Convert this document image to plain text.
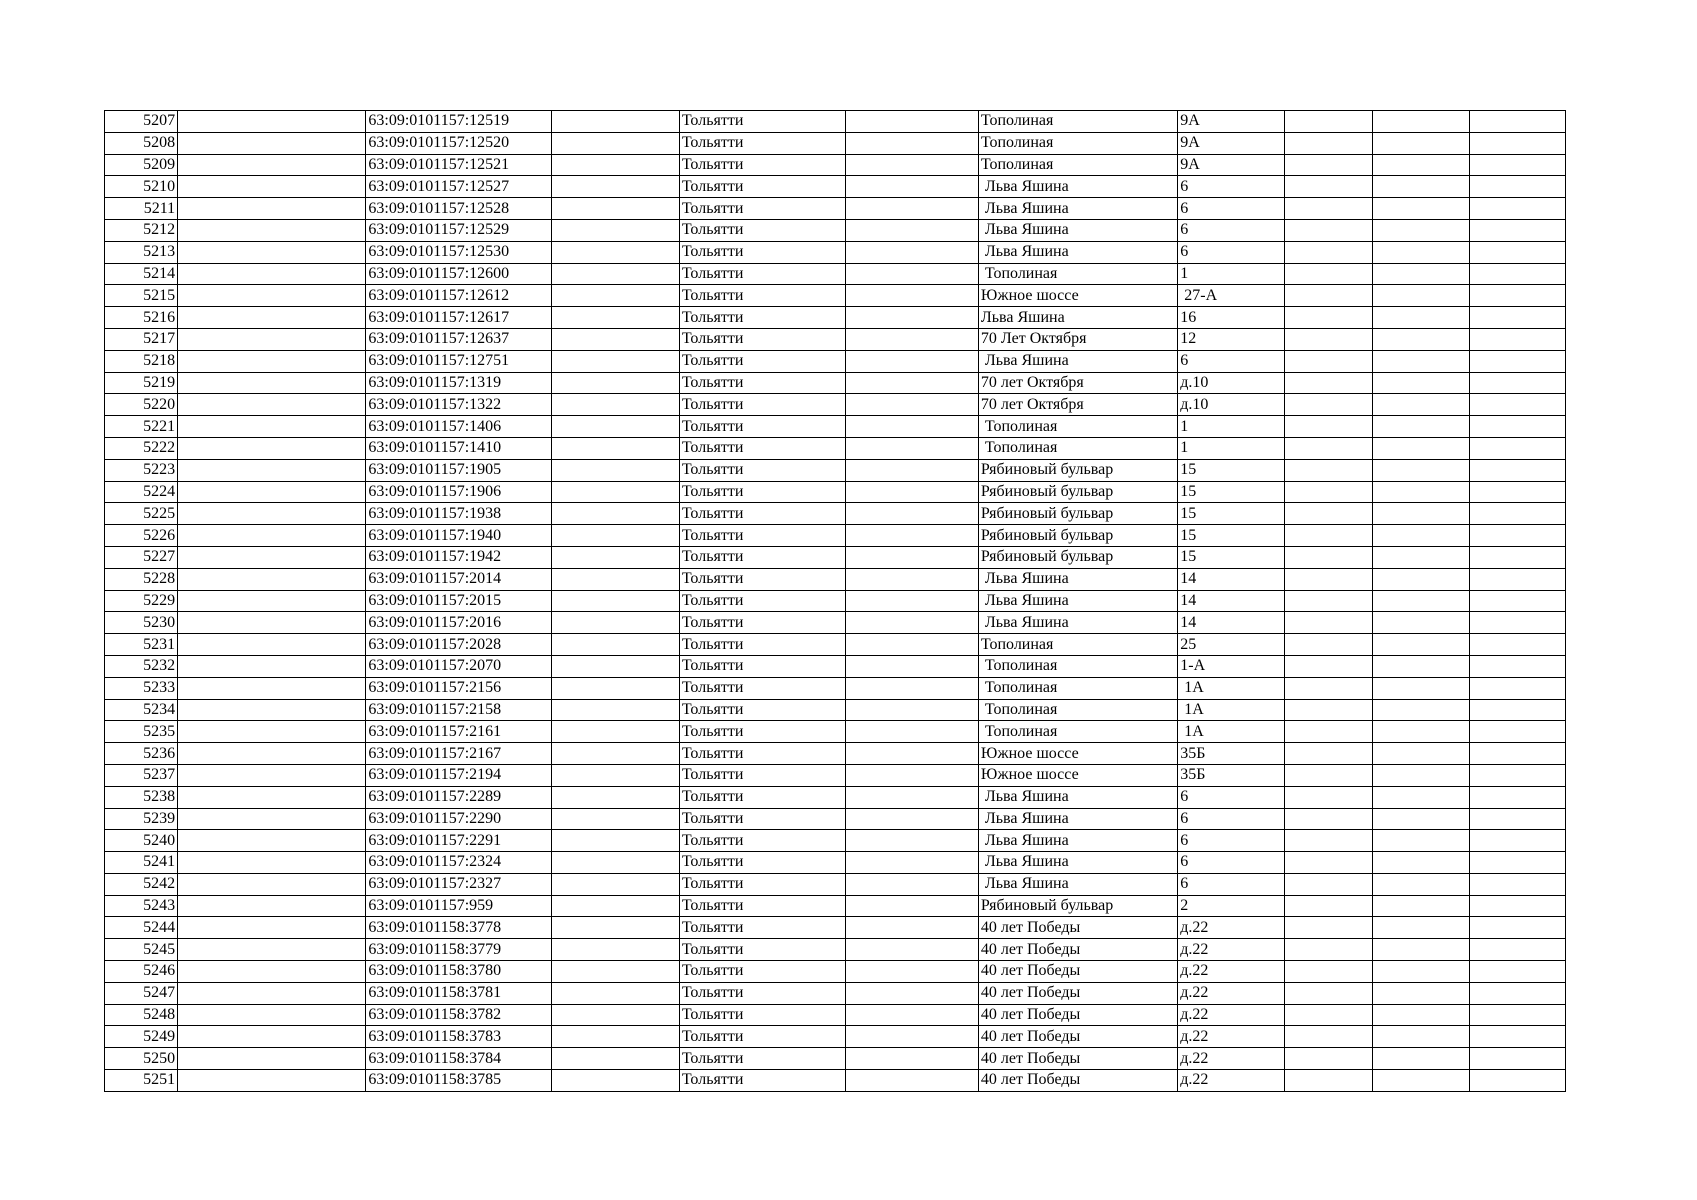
5207		63:09:0101157:12519		Тольятти		Тополиная	9А			
5208		63:09:0101157:12520		Тольятти		Тополиная	9А			
5209		63:09:0101157:12521		Тольятти		Тополиная	9А			
5210		63:09:0101157:12527		Тольятти		Льва Яшина	6			
5211		63:09:0101157:12528		Тольятти		Льва Яшина	6			
5212		63:09:0101157:12529		Тольятти		Льва Яшина	6			
5213		63:09:0101157:12530		Тольятти		Льва Яшина	6			
5214		63:09:0101157:12600		Тольятти		Тополиная	1			
5215		63:09:0101157:12612		Тольятти		Южное шоссе	27-А			
5216		63:09:0101157:12617		Тольятти		Льва Яшина	16			
5217		63:09:0101157:12637		Тольятти		70 Лет Октября	12			
5218		63:09:0101157:12751		Тольятти		Льва Яшина	6			
5219		63:09:0101157:1319		Тольятти		70 лет Октября	д.10			
5220		63:09:0101157:1322		Тольятти		70 лет Октября	д.10			
5221		63:09:0101157:1406		Тольятти		Тополиная	1			
5222		63:09:0101157:1410		Тольятти		Тополиная	1			
5223		63:09:0101157:1905		Тольятти		Рябиновый бульвар	15			
5224		63:09:0101157:1906		Тольятти		Рябиновый бульвар	15			
5225		63:09:0101157:1938		Тольятти		Рябиновый бульвар	15			
5226		63:09:0101157:1940		Тольятти		Рябиновый бульвар	15			
5227		63:09:0101157:1942		Тольятти		Рябиновый бульвар	15			
5228		63:09:0101157:2014		Тольятти		Льва Яшина	14			
5229		63:09:0101157:2015		Тольятти		Льва Яшина	14			
5230		63:09:0101157:2016		Тольятти		Льва Яшина	14			
5231		63:09:0101157:2028		Тольятти		Тополиная	25			
5232		63:09:0101157:2070		Тольятти		Тополиная	1-А			
5233		63:09:0101157:2156		Тольятти		Тополиная	1А			
5234		63:09:0101157:2158		Тольятти		Тополиная	1А			
5235		63:09:0101157:2161		Тольятти		Тополиная	1А			
5236		63:09:0101157:2167		Тольятти		Южное шоссе	35Б			
5237		63:09:0101157:2194		Тольятти		Южное шоссе	35Б			
5238		63:09:0101157:2289		Тольятти		Льва Яшина	6			
5239		63:09:0101157:2290		Тольятти		Льва Яшина	6			
5240		63:09:0101157:2291		Тольятти		Льва Яшина	6			
5241		63:09:0101157:2324		Тольятти		Льва Яшина	6			
5242		63:09:0101157:2327		Тольятти		Льва Яшина	6			
5243		63:09:0101157:959		Тольятти		Рябиновый бульвар	2			
5244		63:09:0101158:3778		Тольятти		40 лет Победы	д.22			
5245		63:09:0101158:3779		Тольятти		40 лет Победы	д.22			
5246		63:09:0101158:3780		Тольятти		40 лет Победы	д.22			
5247		63:09:0101158:3781		Тольятти		40 лет Победы	д.22			
5248		63:09:0101158:3782		Тольятти		40 лет Победы	д.22			
5249		63:09:0101158:3783		Тольятти		40 лет Победы	д.22			
5250		63:09:0101158:3784		Тольятти		40 лет Победы	д.22			
5251		63:09:0101158:3785		Тольятти		40 лет Победы	д.22			
